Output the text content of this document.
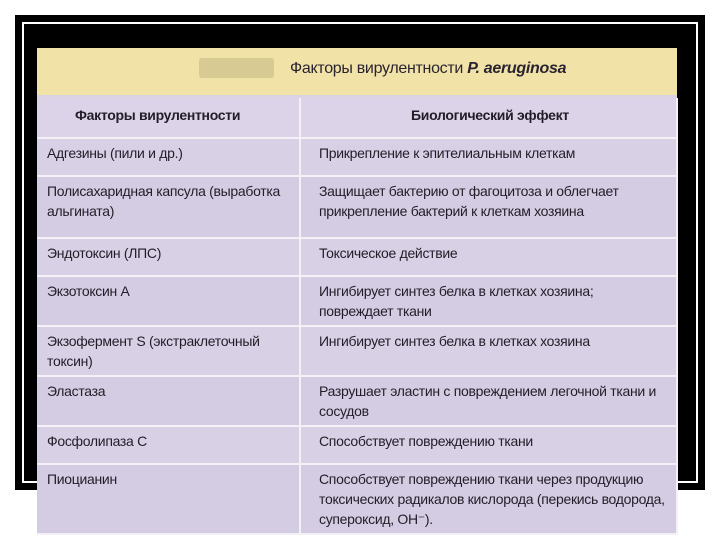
Факторы вирулентности P. aeruginosa
Факторы вирулентности	Биологический эффект
Адгезины (пили и др.)	Прикрепление к эпителиальным клеткам
Полисахаридная капсула (выработка альгината)	Защищает бактерию от фагоцитоза и облегчает прикрепление бактерий к клеткам хозяина
Эндотоксин (ЛПС)	Токсическое действие
Экзотоксин А	Ингибирует синтез белка в клетках хозяина; повреждает ткани
Экзофермент S (экстраклеточный токсин)	Ингибирует синтез белка в клетках хозяина
Эластаза	Разрушает эластин с повреждением легочной ткани и сосудов
Фосфолипаза С	Способствует повреждению ткани
Пиоцианин	Способствует повреждению ткани через продукцию токсических радикалов кислорода (перекись водорода, супероксид, ОН⁻).
